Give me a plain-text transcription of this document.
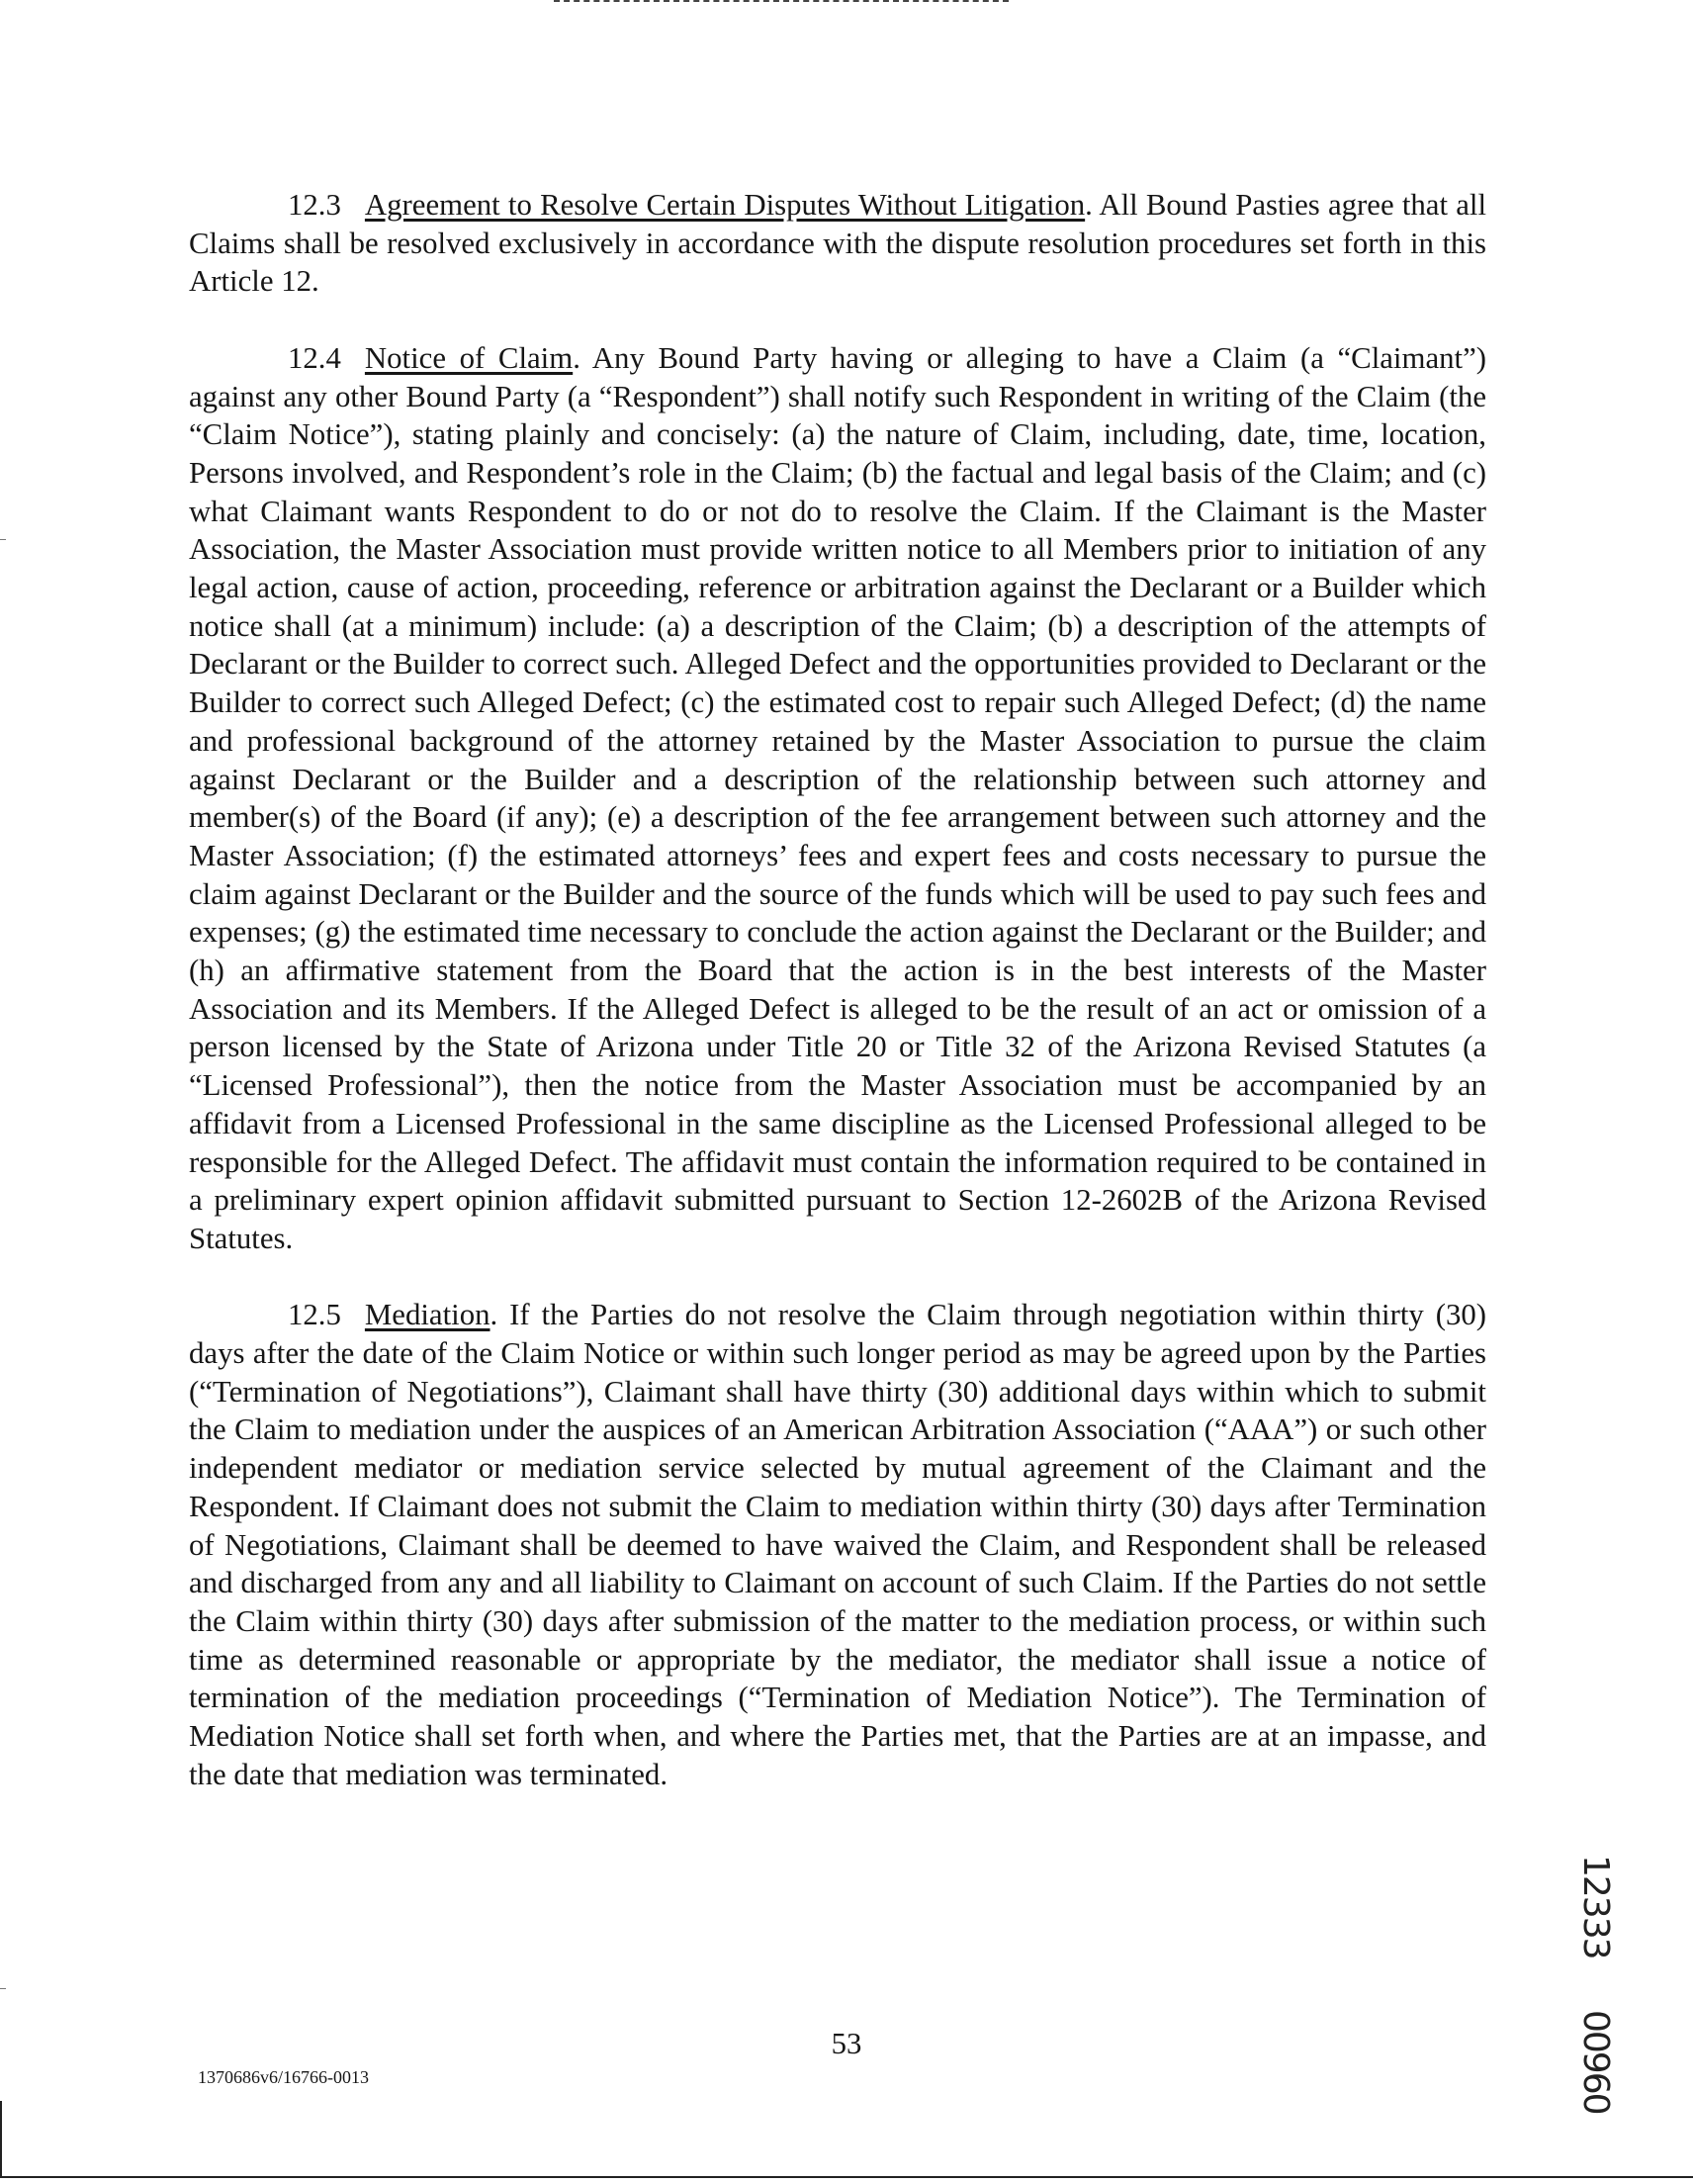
12.3 Agreement to Resolve Certain Disputes Without Litigation. All Bound Pasties agree that all Claims shall be resolved exclusively in accordance with the dispute resolution procedures set forth in this Article 12.

12.4 Notice of Claim. Any Bound Party having or alleging to have a Claim (a “Claimant”) against any other Bound Party (a “Respondent”) shall notify such Respondent in writing of the Claim (the “Claim Notice”), stating plainly and concisely: (a) the nature of Claim, including, date, time, location, Persons involved, and Respondent’s role in the Claim; (b) the factual and legal basis of the Claim; and (c) what Claimant wants Respondent to do or not do to resolve the Claim. If the Claimant is the Master Association, the Master Association must provide written notice to all Members prior to initiation of any legal action, cause of action, proceeding, reference or arbitration against the Declarant or a Builder which notice shall (at a minimum) include: (a) a description of the Claim; (b) a description of the attempts of Declarant or the Builder to correct such. Alleged Defect and the opportunities provided to Declarant or the Builder to correct such Alleged Defect; (c) the estimated cost to repair such Alleged Defect; (d) the name and professional background of the attorney retained by the Master Association to pursue the claim against Declarant or the Builder and a description of the relationship between such attorney and member(s) of the Board (if any); (e) a description of the fee arrangement between such attorney and the Master Association; (f) the estimated attorneys’ fees and expert fees and costs necessary to pursue the claim against Declarant or the Builder and the source of the funds which will be used to pay such fees and expenses; (g) the estimated time necessary to conclude the action against the Declarant or the Builder; and (h) an affirmative statement from the Board that the action is in the best interests of the Master Association and its Members. If the Alleged Defect is alleged to be the result of an act or omission of a person licensed by the State of Arizona under Title 20 or Title 32 of the Arizona Revised Statutes (a “Licensed Professional”), then the notice from the Master Association must be accompanied by an affidavit from a Licensed Professional in the same discipline as the Licensed Professional alleged to be responsible for the Alleged Defect. The affidavit must contain the information required to be contained in a preliminary expert opinion affidavit submitted pursuant to Section 12-2602B of the Arizona Revised Statutes.

12.5 Mediation. If the Parties do not resolve the Claim through negotiation within thirty (30) days after the date of the Claim Notice or within such longer period as may be agreed upon by the Parties (“Termination of Negotiations”), Claimant shall have thirty (30) additional days within which to submit the Claim to mediation under the auspices of an American Arbitration Association (“AAA”) or such other independent mediator or mediation service selected by mutual agreement of the Claimant and the Respondent. If Claimant does not submit the Claim to mediation within thirty (30) days after Termination of Negotiations, Claimant shall be deemed to have waived the Claim, and Respondent shall be released and discharged from any and all liability to Claimant on account of such Claim. If the Parties do not settle the Claim within thirty (30) days after submission of the matter to the mediation process, or within such time as determined reasonable or appropriate by the mediator, the mediator shall issue a notice of termination of the mediation proceedings (“Termination of Mediation Notice”). The Termination of Mediation Notice shall set forth when, and where the Parties met, that the Parties are at an impasse, and the date that mediation was terminated.

12333
00960
53
1370686v6/16766-0013
